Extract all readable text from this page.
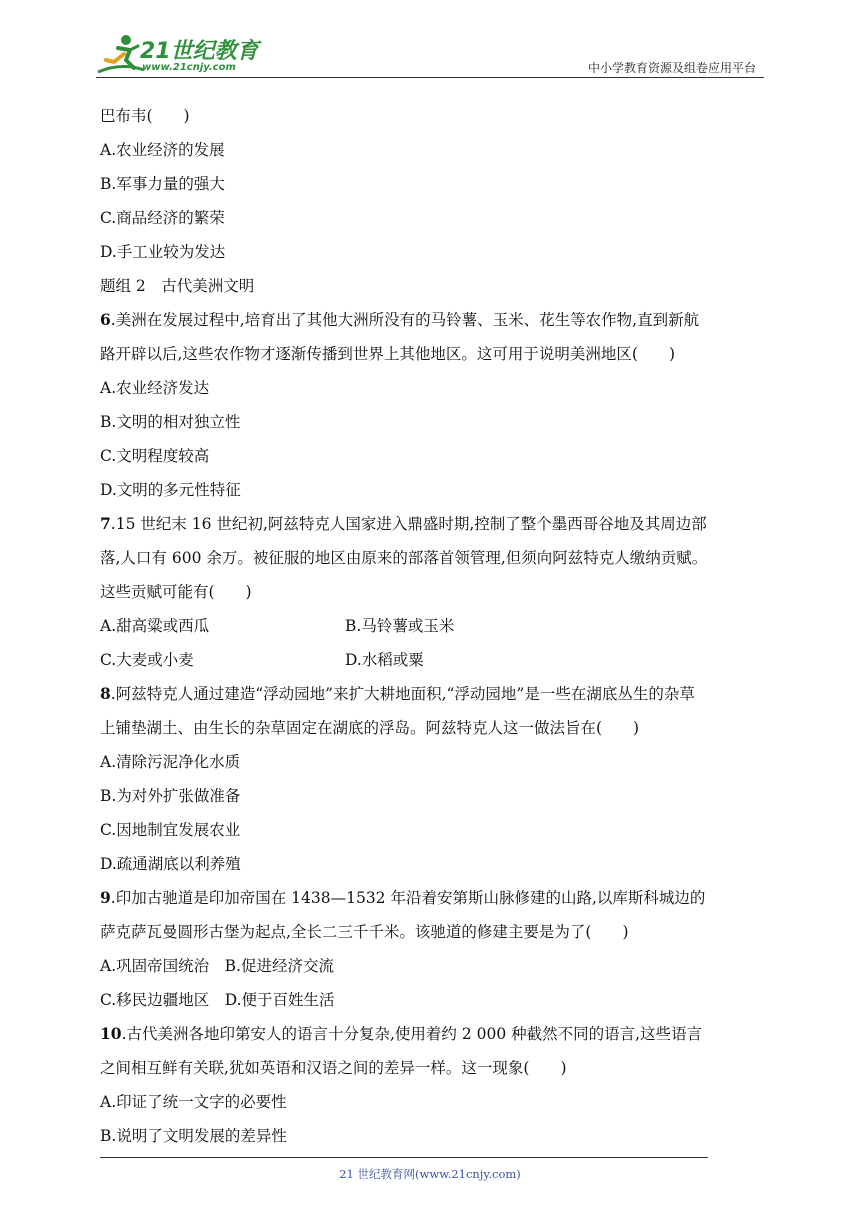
21世纪教育
www.21cnjy.com	中小学教育资源及组卷应用平台
巴布韦(　　)
A.农业经济的发展
B.军事力量的强大
C.商品经济的繁荣
D.手工业较为发达
题组 2　古代美洲文明
6.美洲在发展过程中,培育出了其他大洲所没有的马铃薯、玉米、花生等农作物,直到新航
路开辟以后,这些农作物才逐渐传播到世界上其他地区。这可用于说明美洲地区(　　)
A.农业经济发达
B.文明的相对独立性
C.文明程度较高
D.文明的多元性特征
7.15 世纪末 16 世纪初,阿兹特克人国家进入鼎盛时期,控制了整个墨西哥谷地及其周边部
落,人口有 600 余万。被征服的地区由原来的部落首领管理,但须向阿兹特克人缴纳贡赋。
这些贡赋可能有(　　)
A.甜高粱或西瓜	B.马铃薯或玉米
C.大麦或小麦	D.水稻或粟
8.阿兹特克人通过建造“浮动园地”来扩大耕地面积,“浮动园地”是一些在湖底丛生的杂草
上铺垫湖土、由生长的杂草固定在湖底的浮岛。阿兹特克人这一做法旨在(　　)
A.清除污泥净化水质
B.为对外扩张做准备
C.因地制宜发展农业
D.疏通湖底以利养殖
9.印加古驰道是印加帝国在 1438—1532 年沿着安第斯山脉修建的山路,以库斯科城边的
萨克萨瓦曼圆形古堡为起点,全长二三千千米。该驰道的修建主要是为了(　　)
A.巩固帝国统治　B.促进经济交流
C.移民边疆地区　D.便于百姓生活
10.古代美洲各地印第安人的语言十分复杂,使用着约 2 000 种截然不同的语言,这些语言
之间相互鲜有关联,犹如英语和汉语之间的差异一样。这一现象(　　)
A.印证了统一文字的必要性
B.说明了文明发展的差异性
21 世纪教育网(www.21cnjy.com)
